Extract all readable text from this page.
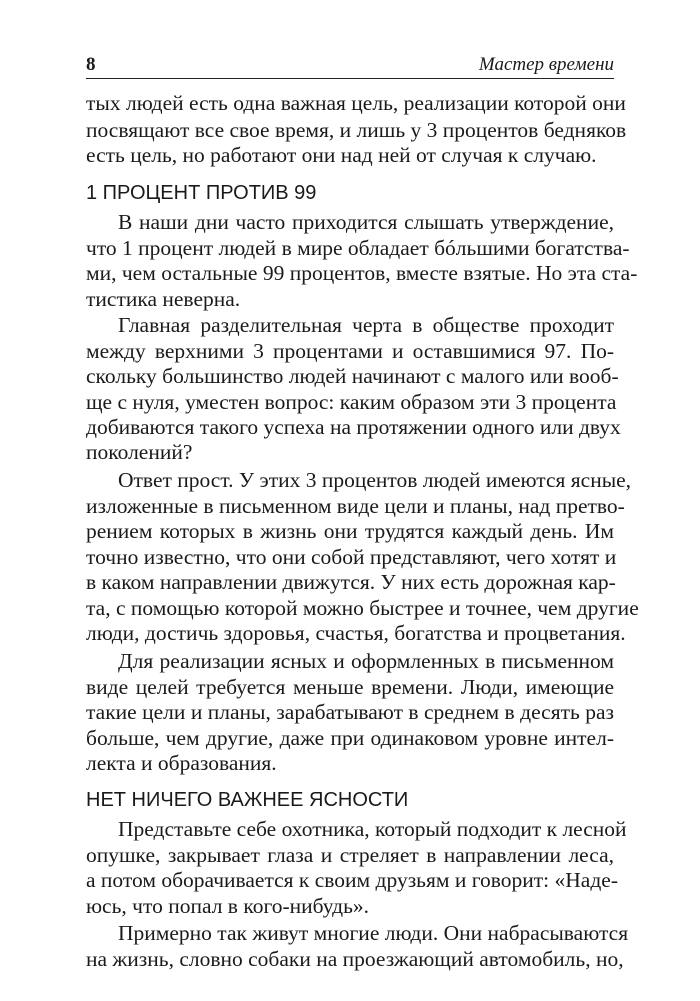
8	Мастер времени
тых людей есть одна важная цель, реализации которой они
посвящают все свое время, и лишь у 3 процентов бедняков
есть цель, но работают они над ней от случая к случаю.
1 ПРОЦЕНТ ПРОТИВ 99
В наши дни часто приходится слышать утверждение,
что 1 процент людей в мире обладает бóльшими богатства-
ми, чем остальные 99 процентов, вместе взятые. Но эта ста-
тистика неверна.
Главная разделительная черта в обществе проходит
между верхними 3 процентами и оставшимися 97. По-
скольку большинство людей начинают с малого или вооб-
ще с нуля, уместен вопрос: каким образом эти 3 процента
добиваются такого успеха на протяжении одного или двух
поколений?
Ответ прост. У этих 3 процентов людей имеются ясные,
изложенные в письменном виде цели и планы, над претво-
рением которых в жизнь они трудятся каждый день. Им
точно известно, что они собой представляют, чего хотят и
в каком направлении движутся. У них есть дорожная кар-
та, с помощью которой можно быстрее и точнее, чем другие
люди, достичь здоровья, счастья, богатства и процветания.
Для реализации ясных и оформленных в письменном
виде целей требуется меньше времени. Люди, имеющие
такие цели и планы, зарабатывают в среднем в десять раз
больше, чем другие, даже при одинаковом уровне интел-
лекта и образования.
НЕТ НИЧЕГО ВАЖНЕЕ ЯСНОСТИ
Представьте себе охотника, который подходит к лесной
опушке, закрывает глаза и стреляет в направлении леса,
а потом оборачивается к своим друзьям и говорит: «Наде-
юсь, что попал в кого-нибудь».
Примерно так живут многие люди. Они набрасываются
на жизнь, словно собаки на проезжающий автомобиль, но,
